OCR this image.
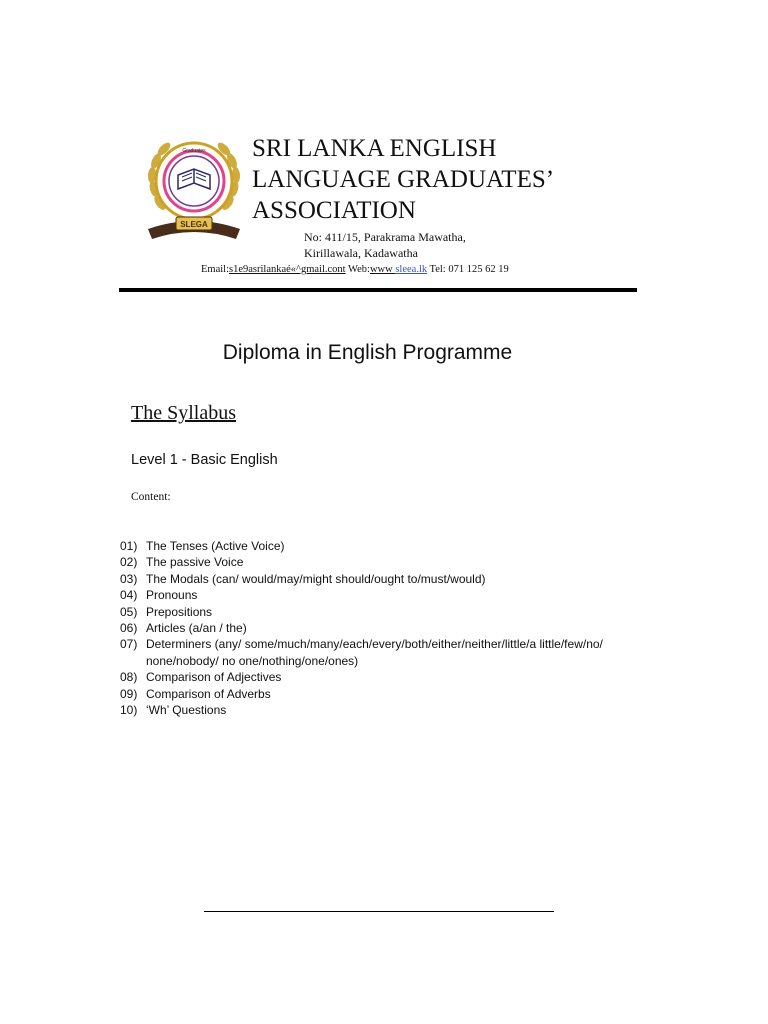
Graduates
SLEGA
SRI LANKA ENGLISH
LANGUAGE GRADUATES’
ASSOCIATION
No: 411/15, Parakrama Mawatha,
Kirillawala, Kadawatha
Email:s1e9asrilankaé«^gmail.cont Web:www sleea.lk Tel: 071 125 62 19
Diploma in English Programme
The Syllabus
Level 1 - Basic English
Content:
01) The Tenses (Active Voice)
02) The passive Voice
03) The Modals (can/ would/may/might should/ought to/must/would)
04) Pronouns
05) Prepositions
06) Articles (a/an / the)
07) Determiners (any/ some/much/many/each/every/both/either/neither/little/a little/few/no/
none/nobody/ no one/nothing/one/ones)
08) Comparison of Adjectives
09) Comparison of Adverbs
10) ‘Wh’ Questions
